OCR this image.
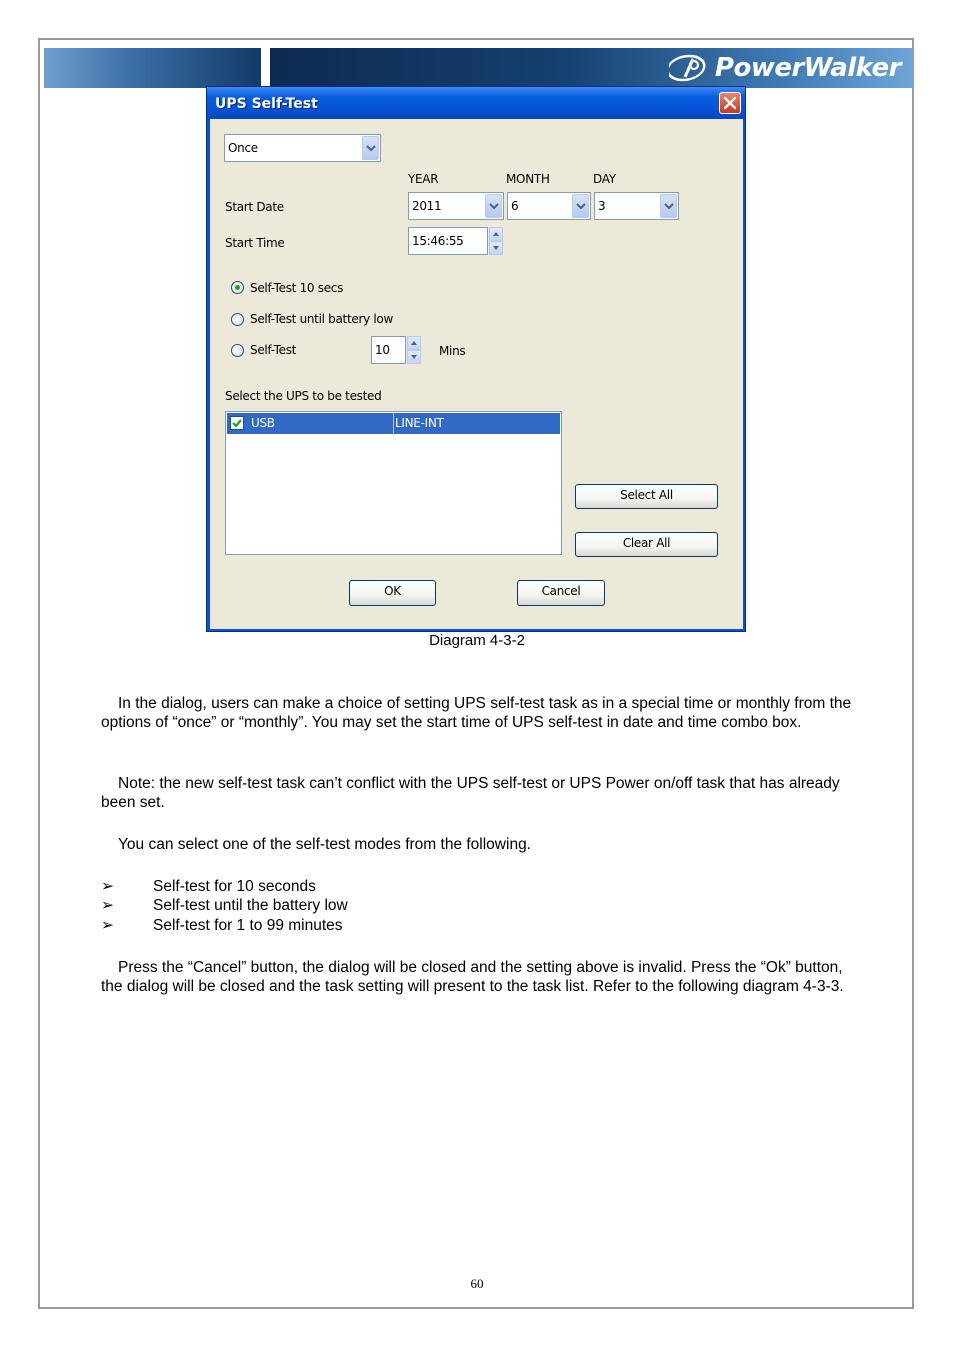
PowerWalker
UPS Self-Test
Once
YEAR	MONTH	DAY
Start Date	2011	6	3
Start Time	15:46:55
Self-Test 10 secs
Self-Test until battery low
Self-Test	10	Mins
Select the UPS to be tested
USB	LINE-INT
Select All
Clear All
OK	Cancel
Diagram 4-3-2
In the dialog, users can make a choice of setting UPS self-test task as in a special time or monthly from the options of “once” or “monthly”. You may set the start time of UPS self-test in date and time combo box.
Note: the new self-test task can’t conflict with the UPS self-test or UPS Power on/off task that has already been set.
You can select one of the self-test modes from the following.
➢	Self-test for 10 seconds
➢	Self-test until the battery low
➢	Self-test for 1 to 99 minutes
Press the “Cancel” button, the dialog will be closed and the setting above is invalid. Press the “Ok” button, the dialog will be closed and the task setting will present to the task list. Refer to the following diagram 4-3-3.
60
